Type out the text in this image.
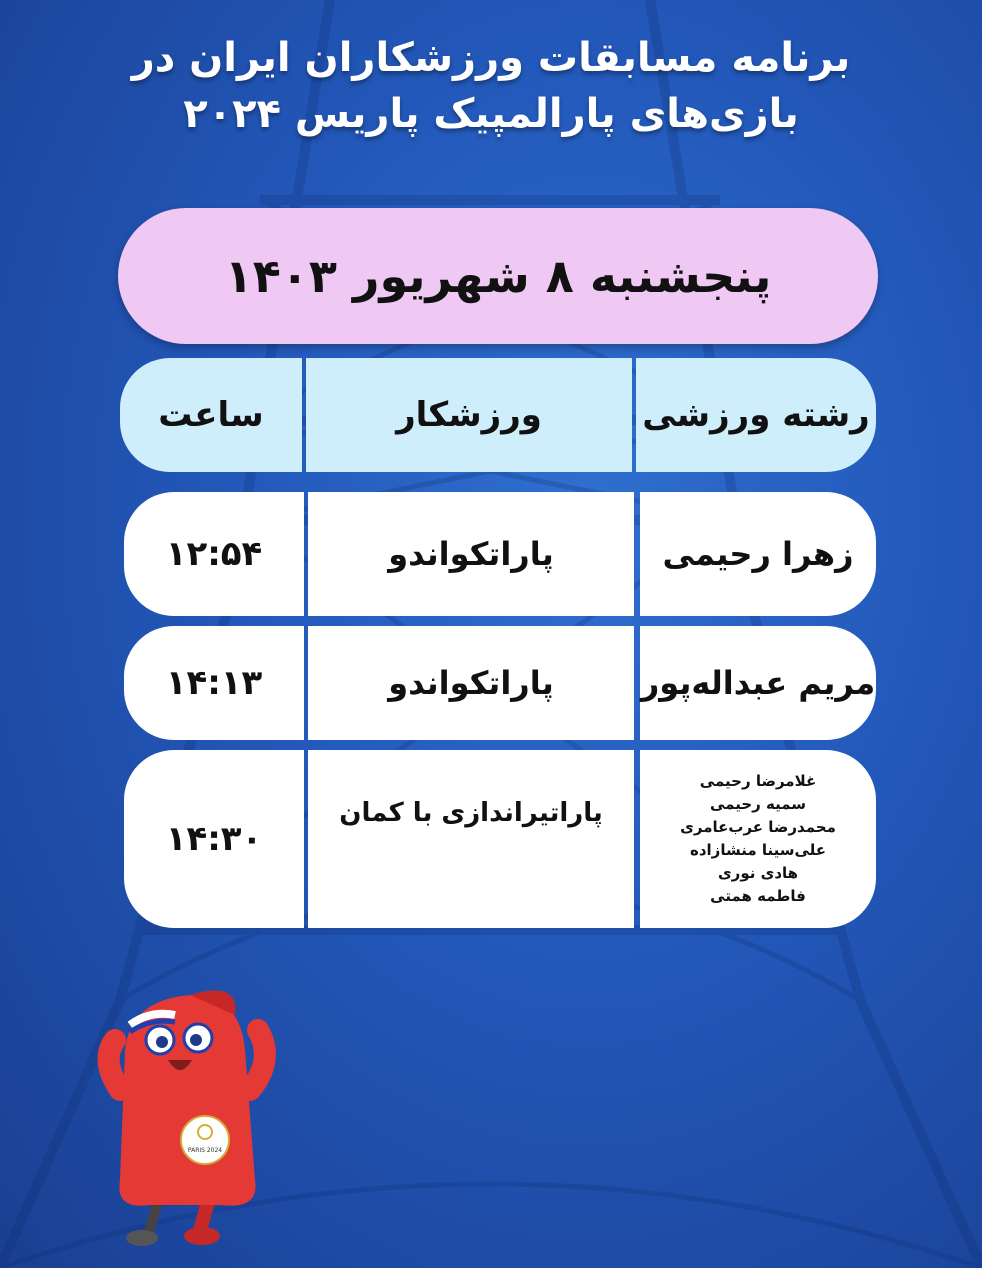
برنامه مسابقات ورزشکاران ایران در
بازی‌های پارالمپیک پاریس ۲۰۲۴
پنجشنبه ۸ شهریور ۱۴۰۳
رشته ورزشی
ورزشکار
ساعت
زهرا رحیمی
پاراتکواندو
۱۲:۵۴
مریم عبداله‌پور
پاراتکواندو
۱۴:۱۳
غلامرضا رحیمی
سمیه رحیمی
محمدرضا عرب‌عامری
علی‌سینا منشازاده
هادی نوری
فاطمه همتی
پاراتیراندازی با کمان
۱۴:۳۰
PARIS 2024
